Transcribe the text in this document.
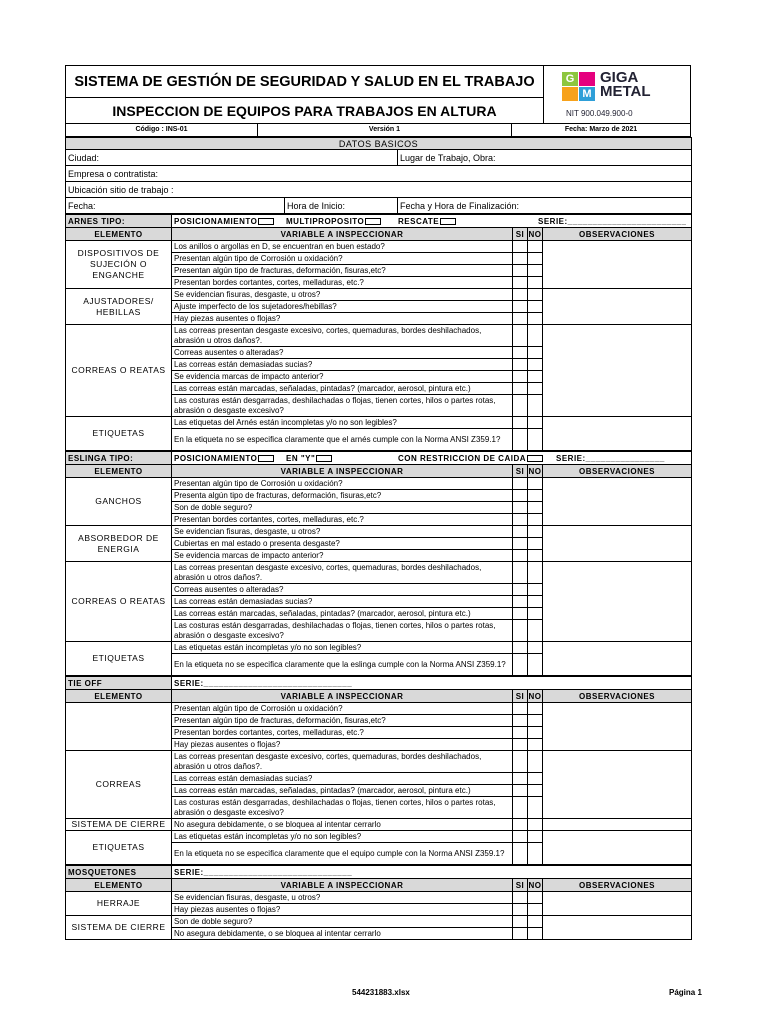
SISTEMA DE GESTIÓN DE SEGURIDAD Y SALUD EN EL TRABAJO
INSPECCION DE EQUIPOS PARA TRABAJOS EN ALTURA
G
M
GIGA
METAL
NIT 900.049.900-0
Código : INS-01	Versión 1	Fecha: Marzo de 2021
DATOS BASICOS		
Ciudad:		Lugar de Trabajo, Obra:
Empresa o contratista:		
Ubicación sitio de trabajo :		
Fecha:	Hora de Inicio:	Fecha y Hora de Finalización:
ARNES TIPO:	POSICIONAMIENTO MULTIPROPOSITO RESCATE SERIE:________________________			

ELEMENTO	VARIABLE A INSPECCIONAR	SI	NO	OBSERVACIONES
DISPOSITIVOS DE SUJECIÓN O ENGANCHE	Los anillos o argollas en D, se encuentran en buen estado?			
	Presentan algún tipo de Corrosión u oxidación?			
	Presentan algún tipo de fracturas, deformación, fisuras,etc?			
	Presentan bordes cortantes, cortes, melladuras, etc.?			
AJUSTADORES/ HEBILLAS	Se evidencian fisuras, desgaste, u otros?			
	Ajuste imperfecto de los sujetadores/hebillas?			
	Hay piezas ausentes o flojas?			
CORREAS O REATAS	Las correas presentan desgaste excesivo, cortes, quemaduras, bordes deshilachados, abrasión u otros daños?.			
	Correas ausentes o alteradas?			
	Las correas están demasiadas sucias?			
	Se evidencia marcas de impacto anterior?			
	Las correas están marcadas, señaladas, pintadas? (marcador, aerosol, pintura etc.)			
	Las costuras están desgarradas, deshilachadas o flojas, tienen cortes, hilos o partes rotas, abrasión o desgaste excesivo?			
ETIQUETAS	Las etiquetas del Arnés están incompletas y/o no son legibles?			
	En la etiqueta no se especifica claramente que el arnés cumple con la Norma ANSI Z359.1?			
ESLINGA TIPO:	POSICIONAMIENTO EN "Y" CON RESTRICCION DE CAIDA SERIE:________________			

ELEMENTO	VARIABLE A INSPECCIONAR	SI	NO	OBSERVACIONES
GANCHOS	Presentan algún tipo de Corrosión u oxidación?			
	Presenta algún tipo de fracturas, deformación, fisuras,etc?			
	Son de doble seguro?			
	Presentan bordes cortantes, cortes, melladuras, etc.?			
ABSORBEDOR DE ENERGIA	Se evidencian fisuras, desgaste, u otros?			
	Cubiertas en mal estado o presenta desgaste?			
	Se evidencia marcas de impacto anterior?			
CORREAS O REATAS	Las correas presentan desgaste excesivo, cortes, quemaduras, bordes deshilachados, abrasión u otros daños?.			
	Correas ausentes o alteradas?			
	Las correas están demasiadas sucias?			
	Las correas están marcadas, señaladas, pintadas? (marcador, aerosol, pintura etc.)			
	Las costuras están desgarradas, deshilachadas o flojas, tienen cortes, hilos o partes rotas, abrasión o desgaste excesivo?			
ETIQUETAS	Las etiquetas están incompletas y/o no son legibles?			
	En la etiqueta no se especifica claramente que la eslinga cumple con la Norma ANSI Z359.1?			
TIE OFF	SERIE:______________________________			
ELEMENTO	VARIABLE A INSPECCIONAR	SI	NO	OBSERVACIONES
	Presentan algún tipo de Corrosión u oxidación?			
	Presentan algún tipo de fracturas, deformación, fisuras,etc?			
	Presentan bordes cortantes, cortes, melladuras, etc.?			
	Hay piezas ausentes o flojas?			
CORREAS	Las correas presentan desgaste excesivo, cortes, quemaduras, bordes deshilachados, abrasión u otros daños?.			
	Las correas están demasiadas sucias?			
	Las correas están marcadas, señaladas, pintadas? (marcador, aerosol, pintura etc.)			
	Las costuras están desgarradas, deshilachadas o flojas, tienen cortes, hilos o partes rotas, abrasión o desgaste excesivo?			
SISTEMA DE CIERRE	No asegura debidamente, o se bloquea al intentar cerrarlo			
ETIQUETAS	Las etiquetas están incompletas y/o no son legibles?			
	En la etiqueta no se especifica claramente que el equipo cumple con la Norma ANSI Z359.1?			
MOSQUETONES	SERIE:______________________________			
ELEMENTO	VARIABLE A INSPECCIONAR	SI	NO	OBSERVACIONES
HERRAJE	Se evidencian fisuras, desgaste, u otros?			
	Hay piezas ausentes o flojas?			
SISTEMA DE CIERRE	Son de doble seguro?			
	No asegura debidamente, o se bloquea al intentar cerrarlo			
544231883.xlsx	Página 1
